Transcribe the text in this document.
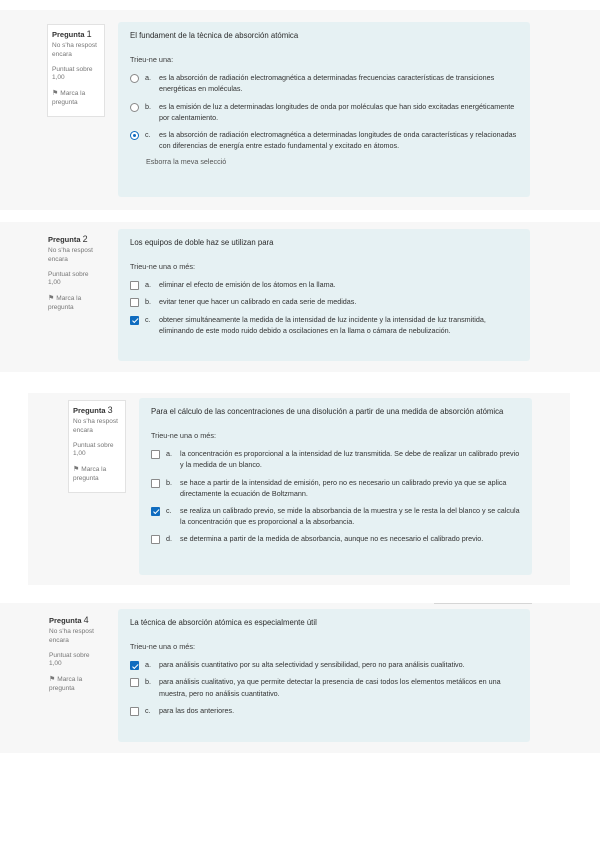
Pregunta 1
No s'ha respost encara
Puntuat sobre 1,00
⚑ Marca la pregunta
El fundament de la tècnica de absorción atómica
Trieu-ne una:
a.	es la absorción de radiación electromagnética a determinadas frecuencias características de transiciones energéticas en moléculas.
b.	es la emisión de luz a determinadas longitudes de onda por moléculas que han sido excitadas energéticamente por calentamiento.
c.	es la absorción de radiación electromagnética a determinadas longitudes de onda características y relacionadas con diferencias de energía entre estado fundamental y excitado en átomos.
Esborra la meva selecció
Pregunta 2
No s'ha respost encara
Puntuat sobre 1,00
⚑ Marca la pregunta
Los equipos de doble haz se utilizan para
Trieu-ne una o més:
a.	eliminar el efecto de emisión de los átomos en la llama.
b.	evitar tener que hacer un calibrado en cada serie de medidas.
c.	obtener simultáneamente la medida de la intensidad de luz incidente y la intensidad de luz transmitida, eliminando de este modo ruido debido a oscilaciones en la llama o cámara de nebulización.
Pregunta 3
No s'ha respost encara
Puntuat sobre 1,00
⚑ Marca la pregunta
Para el cálculo de las concentraciones de una disolución a partir de una medida de absorción atómica
Trieu-ne una o més:
a.	la concentración es proporcional a la intensidad de luz transmitida. Se debe de realizar un calibrado previo y la medida de un blanco.
b.	se hace a partir de la intensidad de emisión, pero no es necesario un calibrado previo ya que se aplica directamente la ecuación de Boltzmann.
c.	se realiza un calibrado previo, se mide la absorbancia de la muestra y se le resta la del blanco y se calcula la concentración que es proporcional a la absorbancia.
d.	se determina a partir de la medida de absorbancia, aunque no es necesario el calibrado previo.
Pregunta 4
No s'ha respost encara
Puntuat sobre 1,00
⚑ Marca la pregunta
La técnica de absorción atómica es especialmente útil
Trieu-ne una o més:
a.	para análisis cuantitativo por su alta selectividad y sensibilidad, pero no para análisis cualitativo.
b.	para análisis cualitativo, ya que permite detectar la presencia de casi todos los elementos metálicos en una muestra, pero no análisis cuantitativo.
c.	para las dos anteriores.
